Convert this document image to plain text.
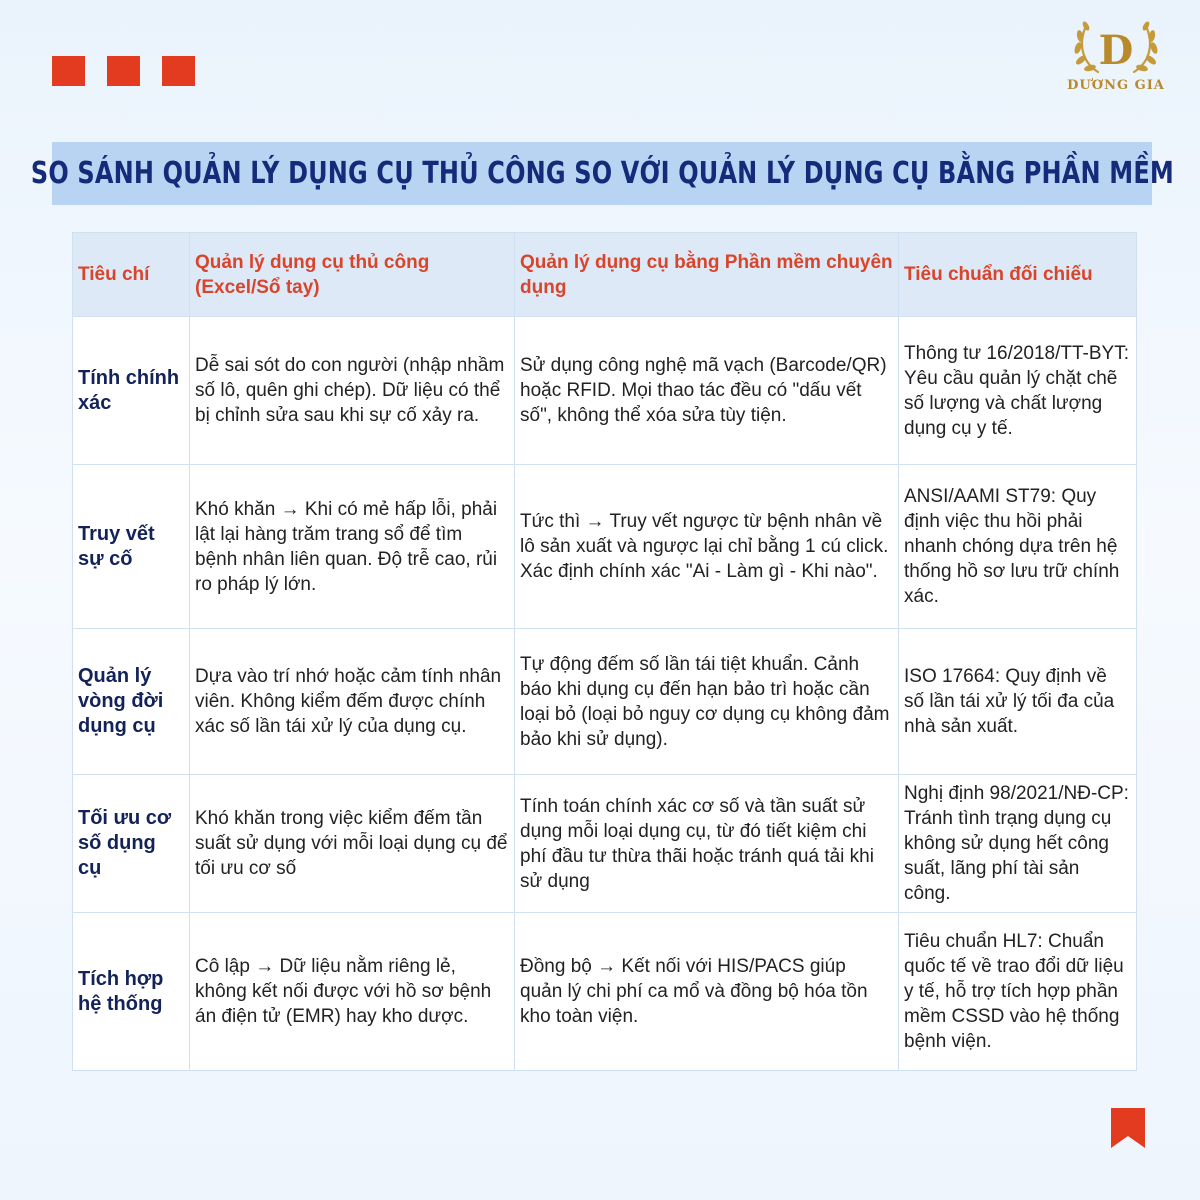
D
DƯƠNG GIA
SO SÁNH QUẢN LÝ DỤNG CỤ THỦ CÔNG SO VỚI QUẢN LÝ DỤNG CỤ BẰNG PHẦN MỀM
Tiêu chí	Quản lý dụng cụ thủ công (Excel/Sổ tay)	Quản lý dụng cụ bằng Phần mềm chuyên dụng	Tiêu chuẩn đối chiếu
Tính chính xác	Dễ sai sót do con người (nhập nhầm số lô, quên ghi chép). Dữ liệu có thể bị chỉnh sửa sau khi sự cố xảy ra.	Sử dụng công nghệ mã vạch (Barcode/QR) hoặc RFID. Mọi thao tác đều có "dấu vết số", không thể xóa sửa tùy tiện.	Thông tư 16/2018/TT-BYT: Yêu cầu quản lý chặt chẽ số lượng và chất lượng dụng cụ y tế.
Truy vết sự cố	Khó khăn → Khi có mẻ hấp lỗi, phải lật lại hàng trăm trang sổ để tìm bệnh nhân liên quan. Độ trễ cao, rủi ro pháp lý lớn.	Tức thì → Truy vết ngược từ bệnh nhân về lô sản xuất và ngược lại chỉ bằng 1 cú click. Xác định chính xác "Ai - Làm gì - Khi nào".	ANSI/AAMI ST79: Quy định việc thu hồi phải nhanh chóng dựa trên hệ thống hồ sơ lưu trữ chính xác.
Quản lý vòng đời dụng cụ	Dựa vào trí nhớ hoặc cảm tính nhân viên. Không kiểm đếm được chính xác số lần tái xử lý của dụng cụ.	Tự động đếm số lần tái tiệt khuẩn. Cảnh báo khi dụng cụ đến hạn bảo trì hoặc cần loại bỏ (loại bỏ nguy cơ dụng cụ không đảm bảo khi sử dụng).	ISO 17664: Quy định về số lần tái xử lý tối đa của nhà sản xuất.
Tối ưu cơ số dụng cụ	Khó khăn trong việc kiểm đếm tần suất sử dụng với mỗi loại dụng cụ để tối ưu cơ số	Tính toán chính xác cơ số và tần suất sử dụng mỗi loại dụng cụ, từ đó tiết kiệm chi phí đầu tư thừa thãi hoặc tránh quá tải khi sử dụng	Nghị định 98/2021/NĐ-CP: Tránh tình trạng dụng cụ không sử dụng hết công suất, lãng phí tài sản công.
Tích hợp hệ thống	Cô lập → Dữ liệu nằm riêng lẻ, không kết nối được với hồ sơ bệnh án điện tử (EMR) hay kho dược.	Đồng bộ → Kết nối với HIS/PACS giúp quản lý chi phí ca mổ và đồng bộ hóa tồn kho toàn viện.	Tiêu chuẩn HL7: Chuẩn quốc tế về trao đổi dữ liệu y tế, hỗ trợ tích hợp phần mềm CSSD vào hệ thống bệnh viện.
